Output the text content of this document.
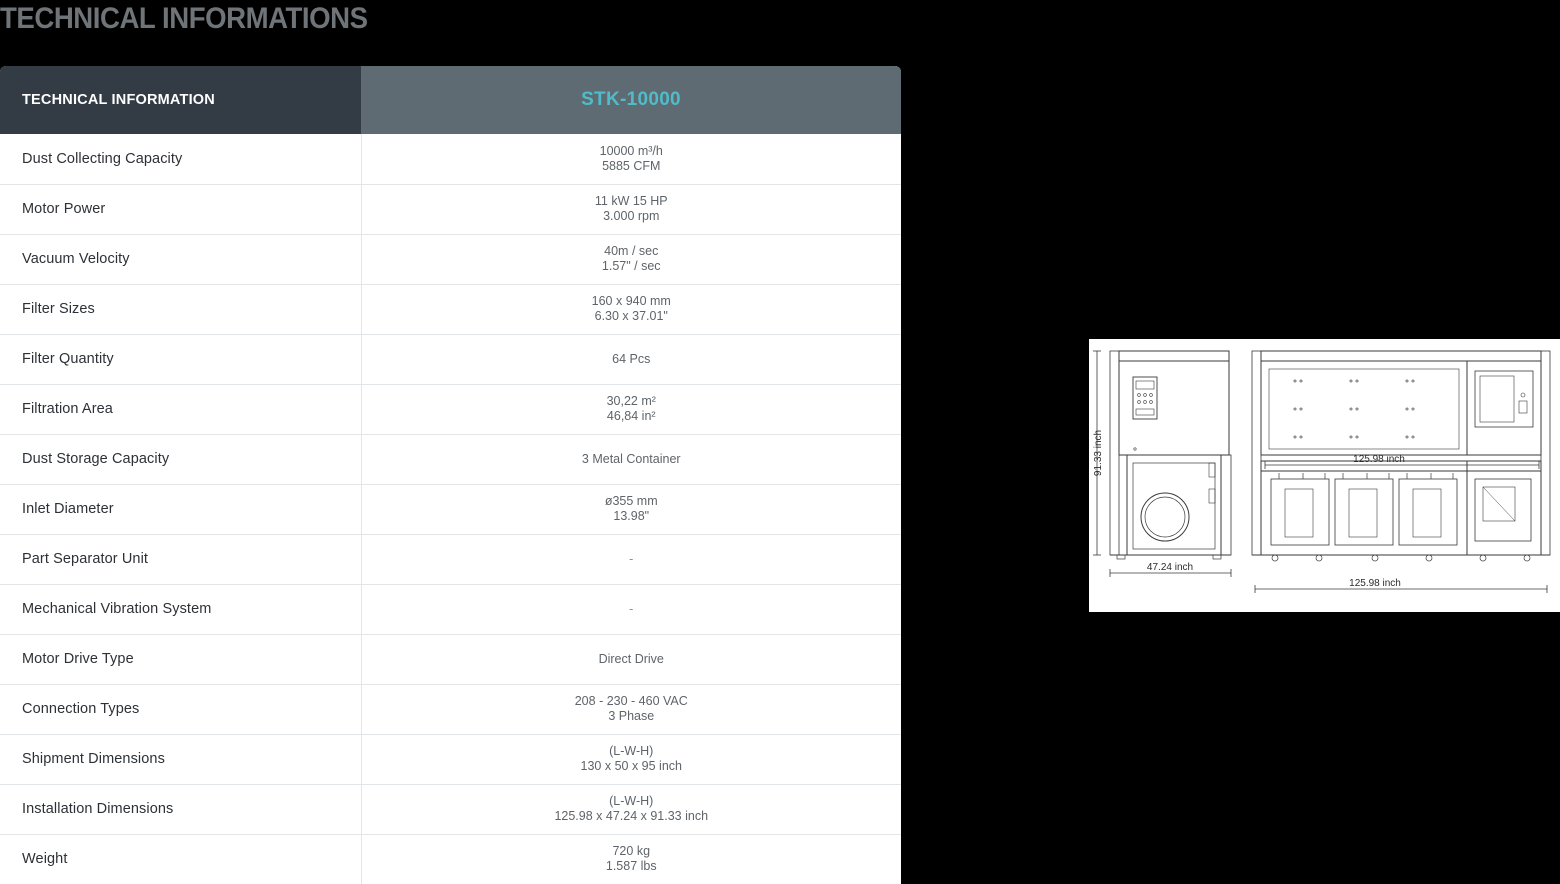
TECHNICAL INFORMATIONS
TECHNICAL INFORMATION	STK-10000
Dust Collecting Capacity	10000 m³/h
5885 CFM

Motor Power	11 kW 15 HP
3.000 rpm

Vacuum Velocity	40m / sec
1.57" / sec

Filter Sizes	160 x 940 mm
6.30 x 37.01"

Filter Quantity	64 Pcs

Filtration Area	30,22 m²
46,84 in²

Dust Storage Capacity	3 Metal Container

Inlet Diameter	ø355 mm
13.98"

Part Separator Unit	-

Mechanical Vibration System	-

Motor Drive Type	Direct Drive

Connection Types	208 - 230 - 460 VAC
3 Phase

Shipment Dimensions	(L-W-H)
130 x 50 x 95 inch

Installation Dimensions	(L-W-H)
125.98 x 47.24 x 91.33 inch

Weight	720 kg
1.587 lbs
91.33 inch
47.24 inch
125.98 inch
125.98 inch
